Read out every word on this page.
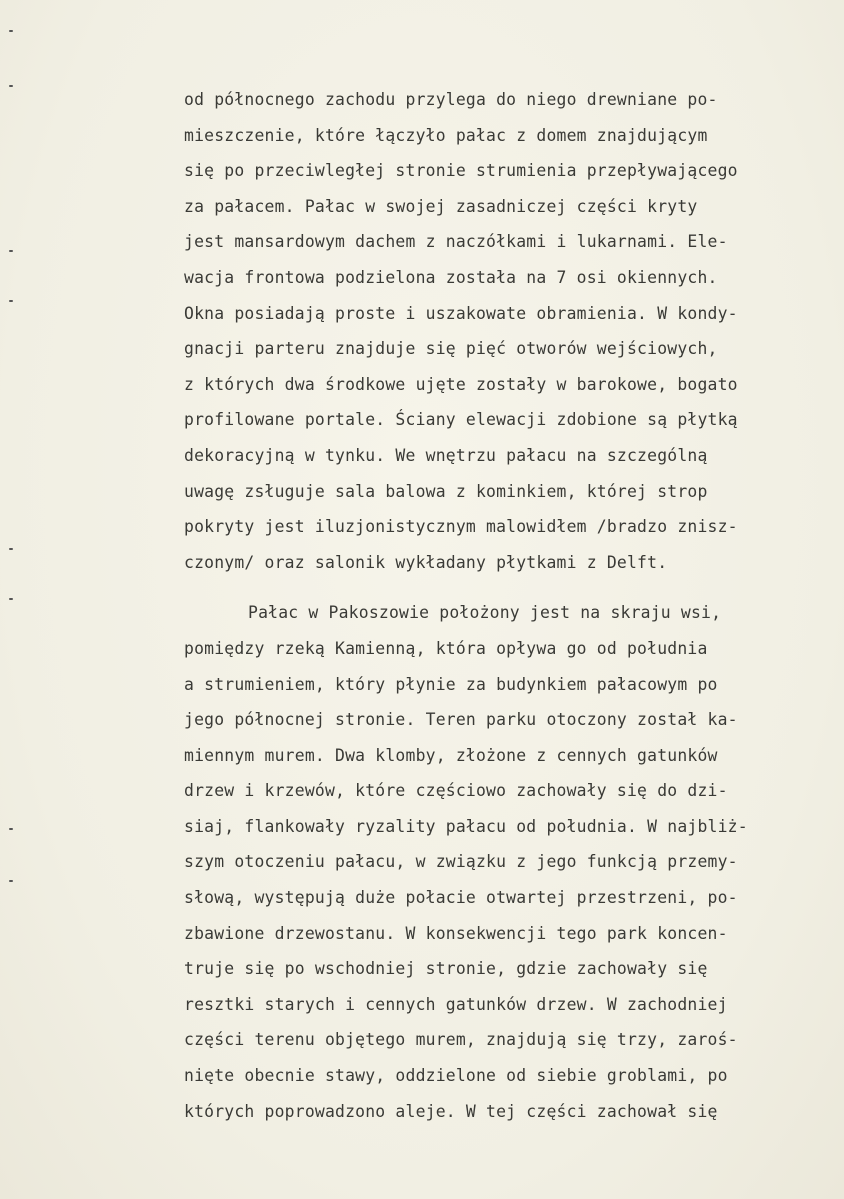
od północnego zachodu przylega do niego drewniane po-
mieszczenie, które łączyło pałac z domem znajdującym
się po przeciwległej stronie strumienia przepływającego
za pałacem. Pałac w swojej zasadniczej części kryty
jest mansardowym dachem z naczółkami i lukarnami. Ele-
wacja frontowa podzielona została na 7 osi okiennych.
Okna posiadają proste i uszakowate obramienia. W kondy-
gnacji parteru znajduje się pięć otworów wejściowych,
z których dwa środkowe ujęte zostały w barokowe, bogato
profilowane portale. Ściany elewacji zdobione są płytką
dekoracyjną w tynku. We wnętrzu pałacu na szczególną
uwagę zsługuje sala balowa z kominkiem, której strop
pokryty jest iluzjonistycznym malowidłem /bradzo znisz-
czonym/ oraz salonik wykładany płytkami z Delft.
Pałac w Pakoszowie położony jest na skraju wsi,
pomiędzy rzeką Kamienną, która opływa go od południa
a strumieniem, który płynie za budynkiem pałacowym po
jego północnej stronie. Teren parku otoczony został ka-
miennym murem. Dwa klomby, złożone z cennych gatunków
drzew i krzewów, które częściowo zachowały się do dzi-
siaj, flankowały ryzality pałacu od południa. W najbliż-
szym otoczeniu pałacu, w związku z jego funkcją przemy-
słową, występują duże połacie otwartej przestrzeni, po-
zbawione drzewostanu. W konsekwencji tego park koncen-
truje się po wschodniej stronie, gdzie zachowały się
resztki starych i cennych gatunków drzew. W zachodniej
części terenu objętego murem, znajdują się trzy, zaroś-
nięte obecnie stawy, oddzielone od siebie groblami, po
których poprowadzono aleje. W tej części zachował się
